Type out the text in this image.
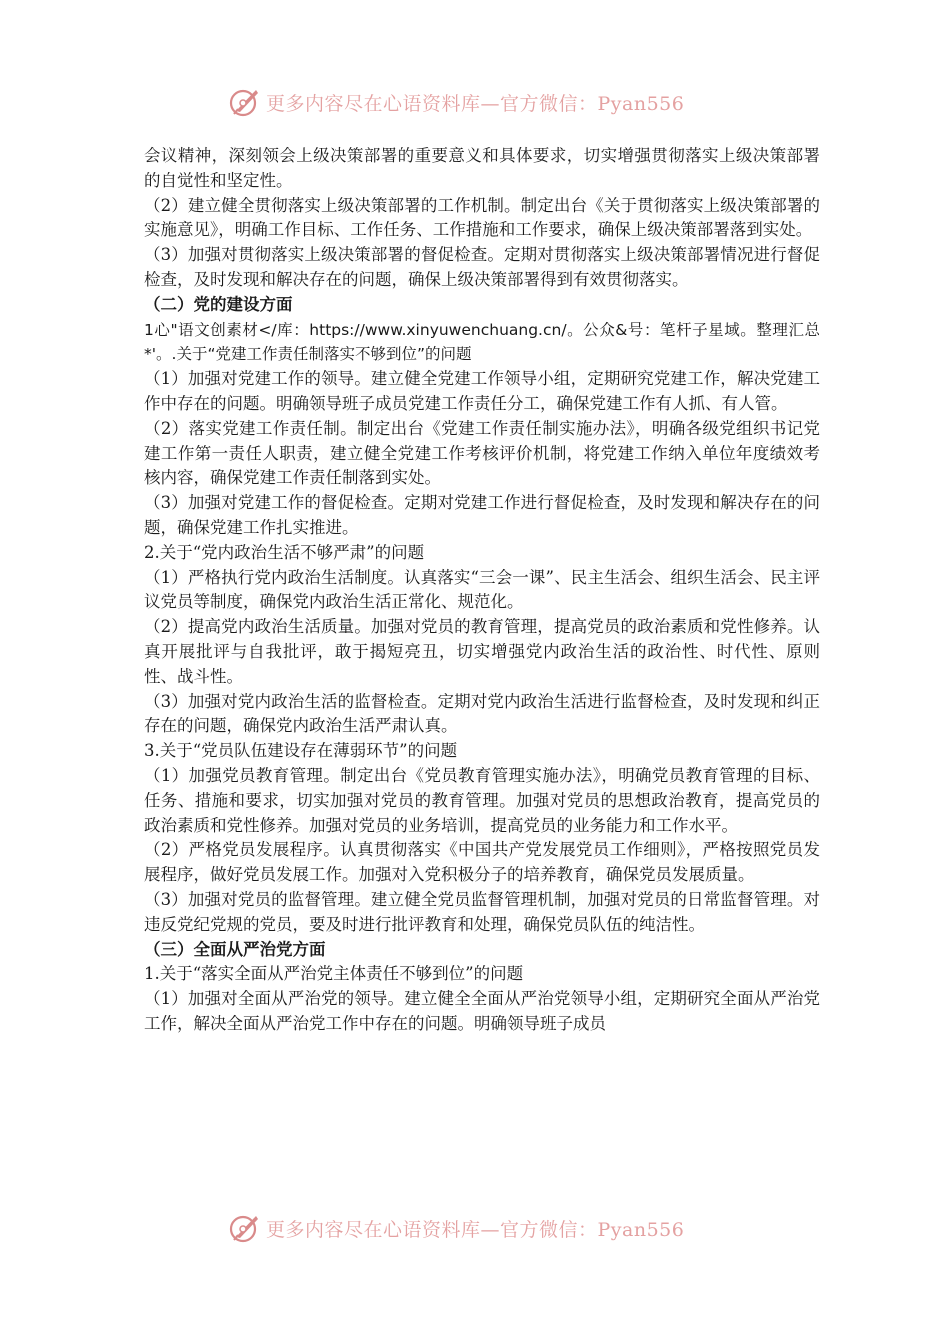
更多内容尽在心语资料库—官方微信：Pyan556

会议精神，深刻领会上级决策部署的重要意义和具体要求，切实增强贯彻落实上级决策部署的自觉性和坚定性。

（2）建立健全贯彻落实上级决策部署的工作机制。制定出台《关于贯彻落实上级决策部署的实施意见》，明确工作目标、工作任务、工作措施和工作要求，确保上级决策部署落到实处。

（3）加强对贯彻落实上级决策部署的督促检查。定期对贯彻落实上级决策部署情况进行督促检查，及时发现和解决存在的问题，确保上级决策部署得到有效贯彻落实。

（二）党的建设方面

1心"语文创素材</库：https://www.xinyuwenchuang.cn/。公众&号：笔杆子星域。整理汇总*'。.关于“党建工作责任制落实不够到位”的问题

（1）加强对党建工作的领导。建立健全党建工作领导小组，定期研究党建工作，解决党建工作中存在的问题。明确领导班子成员党建工作责任分工，确保党建工作有人抓、有人管。

（2）落实党建工作责任制。制定出台《党建工作责任制实施办法》，明确各级党组织书记党建工作第一责任人职责，建立健全党建工作考核评价机制，将党建工作纳入单位年度绩效考核内容，确保党建工作责任制落到实处。

（3）加强对党建工作的督促检查。定期对党建工作进行督促检查，及时发现和解决存在的问题，确保党建工作扎实推进。

2.关于“党内政治生活不够严肃”的问题

（1）严格执行党内政治生活制度。认真落实“三会一课”、民主生活会、组织生活会、民主评议党员等制度，确保党内政治生活正常化、规范化。

（2）提高党内政治生活质量。加强对党员的教育管理，提高党员的政治素质和党性修养。认真开展批评与自我批评，敢于揭短亮丑，切实增强党内政治生活的政治性、时代性、原则性、战斗性。

（3）加强对党内政治生活的监督检查。定期对党内政治生活进行监督检查，及时发现和纠正存在的问题，确保党内政治生活严肃认真。

3.关于“党员队伍建设存在薄弱环节”的问题

（1）加强党员教育管理。制定出台《党员教育管理实施办法》，明确党员教育管理的目标、任务、措施和要求，切实加强对党员的教育管理。加强对党员的思想政治教育，提高党员的政治素质和党性修养。加强对党员的业务培训，提高党员的业务能力和工作水平。

（2）严格党员发展程序。认真贯彻落实《中国共产党发展党员工作细则》，严格按照党员发展程序，做好党员发展工作。加强对入党积极分子的培养教育，确保党员发展质量。

（3）加强对党员的监督管理。建立健全党员监督管理机制，加强对党员的日常监督管理。对违反党纪党规的党员，要及时进行批评教育和处理，确保党员队伍的纯洁性。

（三）全面从严治党方面

1.关于“落实全面从严治党主体责任不够到位”的问题

（1）加强对全面从严治党的领导。建立健全全面从严治党领导小组，定期研究全面从严治党工作，解决全面从严治党工作中存在的问题。明确领导班子成员

更多内容尽在心语资料库—官方微信：Pyan556
